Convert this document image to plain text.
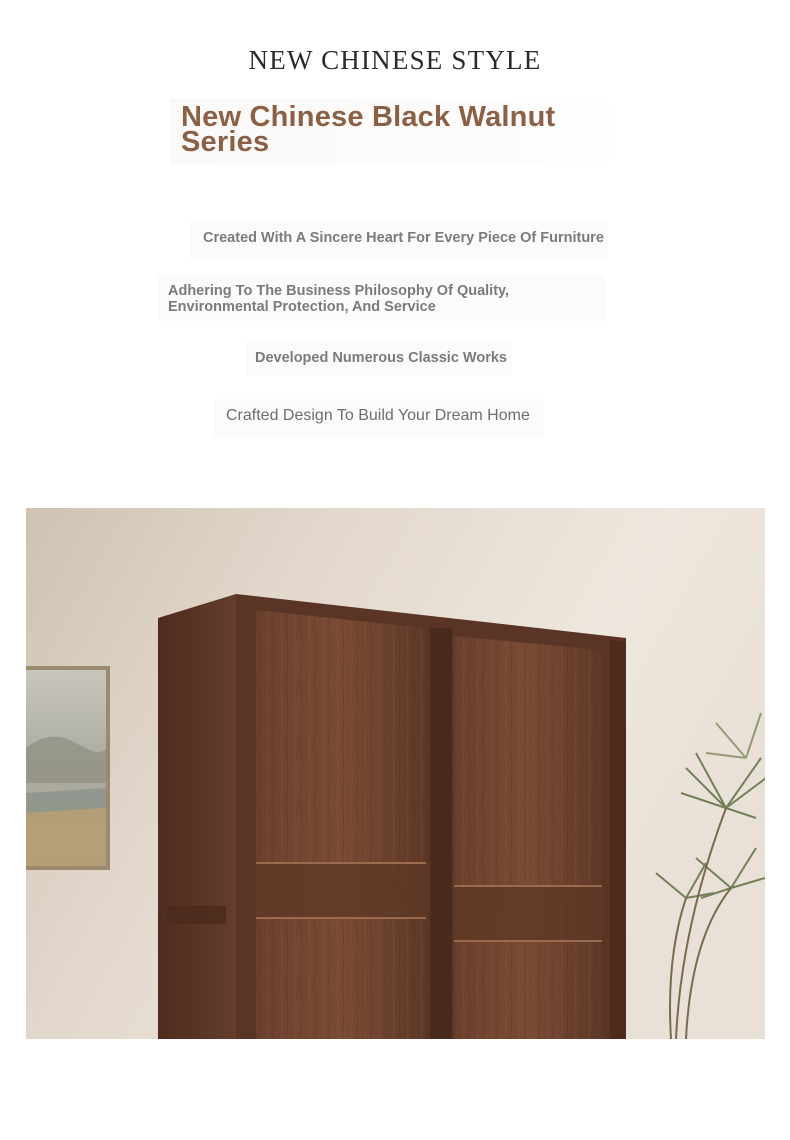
NEW CHINESE STYLE
New Chinese Black Walnut Series
Created With A Sincere Heart For Every Piece Of Furniture
Adhering To The Business Philosophy Of Quality, Environmental Protection, And Service
Developed Numerous Classic Works
Crafted Design To Build Your Dream Home
